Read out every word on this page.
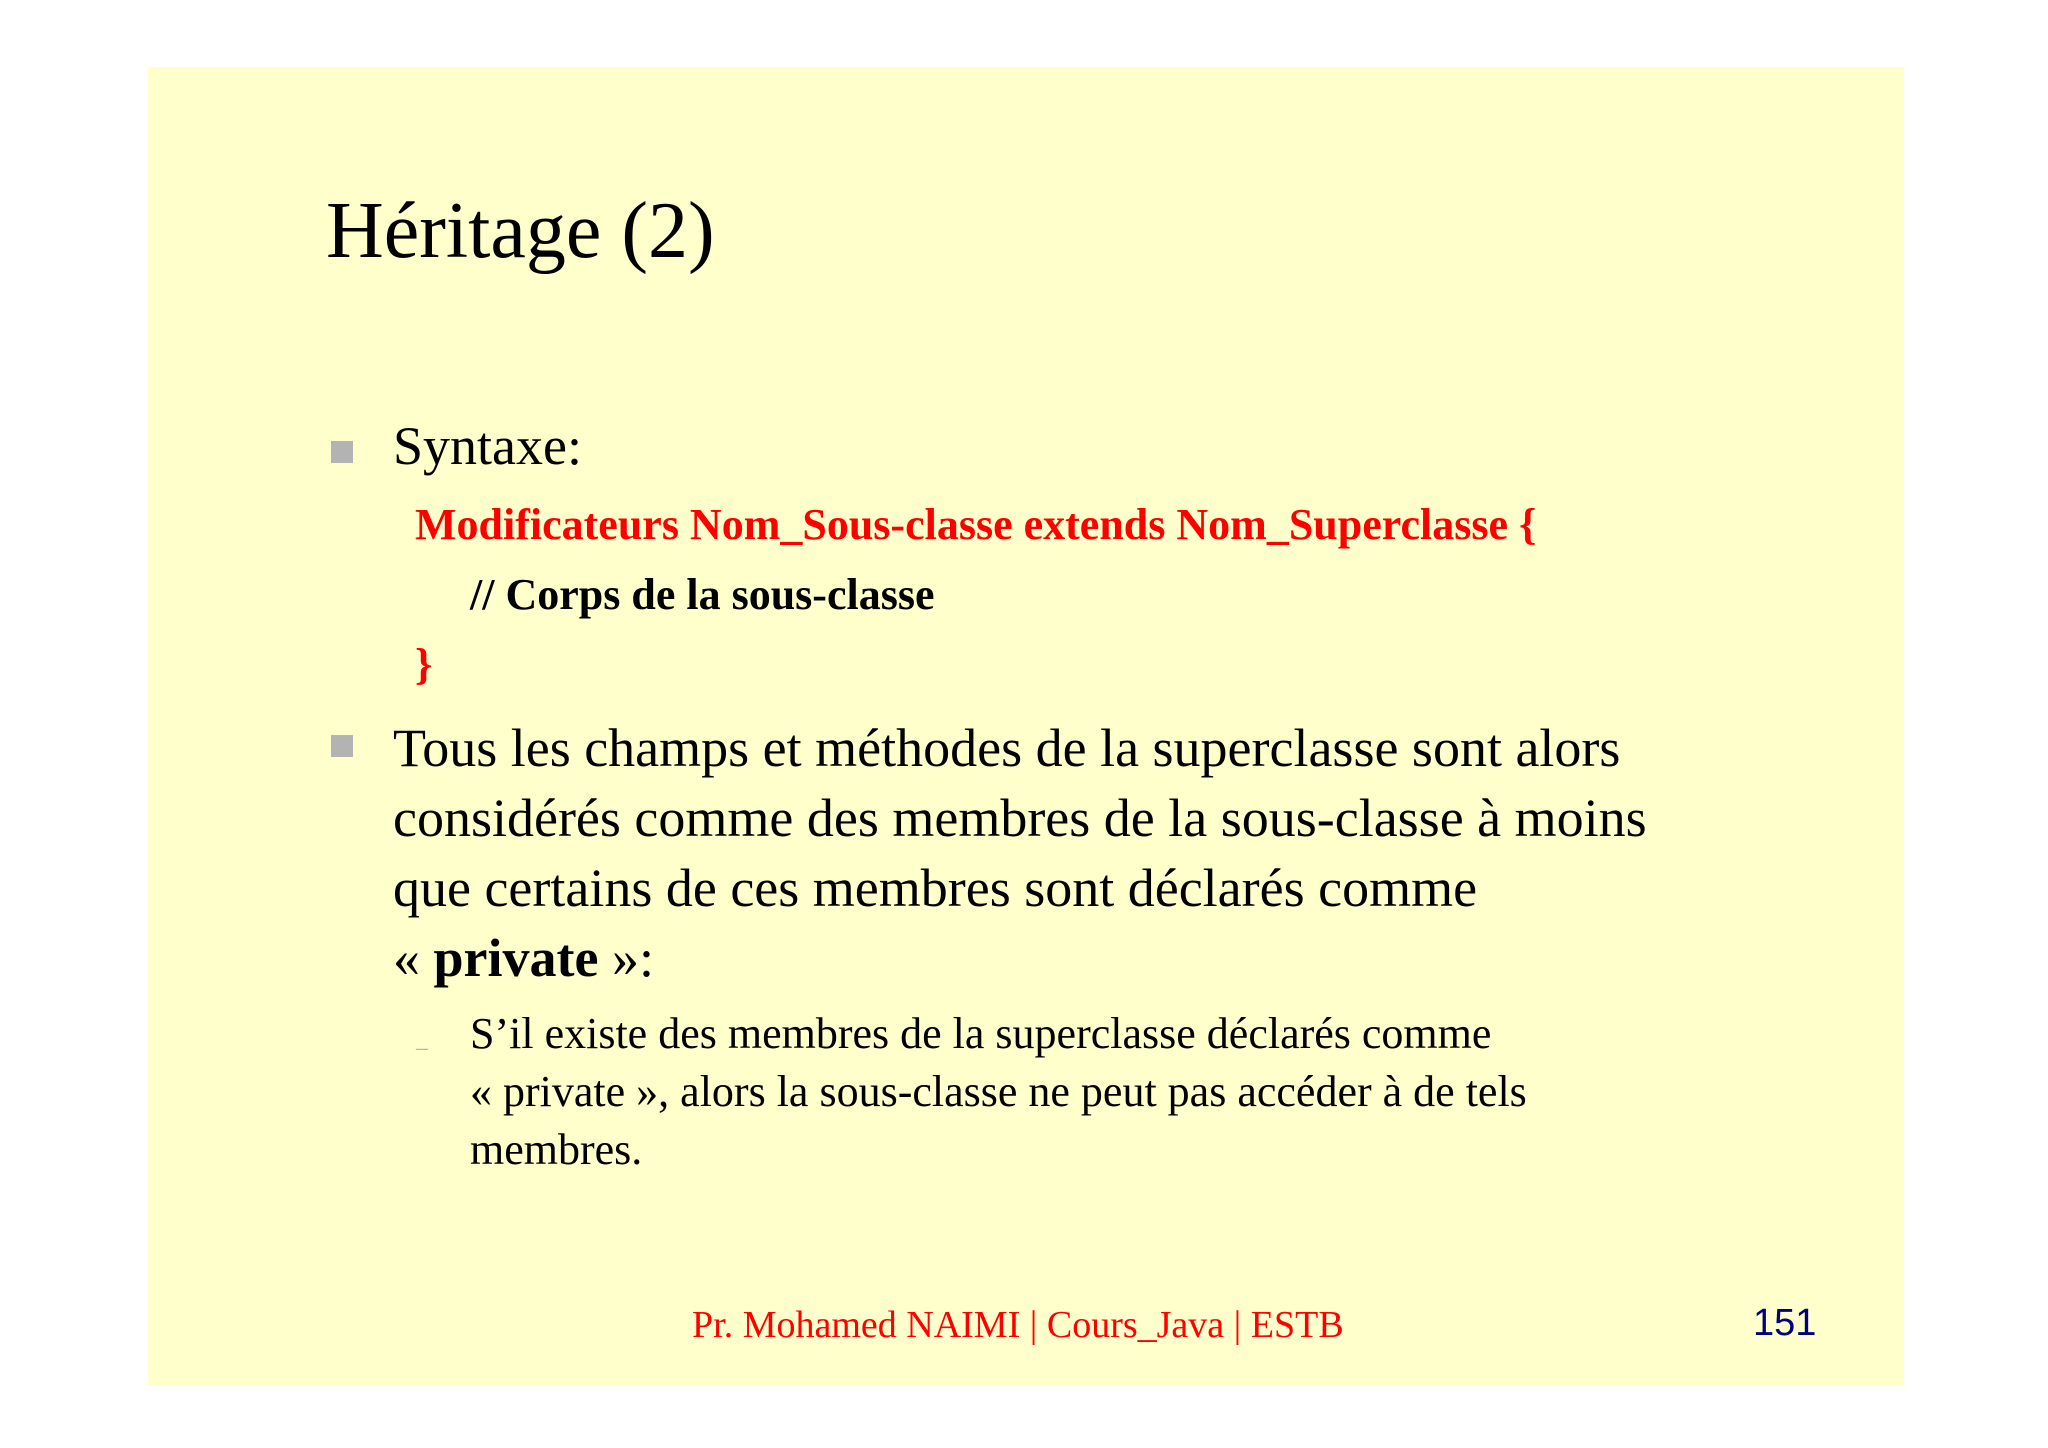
Héritage (2)
Syntaxe:
Modificateurs Nom_Sous-classe extends Nom_Superclasse {
// Corps de la sous-classe
}
Tous les champs et méthodes de la superclasse sont alors
considérés comme des membres de la sous-classe à moins
que certains de ces membres sont déclarés comme
« private »:
– S’il existe des membres de la superclasse déclarés comme
« private », alors la sous-classe ne peut pas accéder à de tels
membres.
Pr. Mohamed NAIMI | Cours_Java | ESTB	151
